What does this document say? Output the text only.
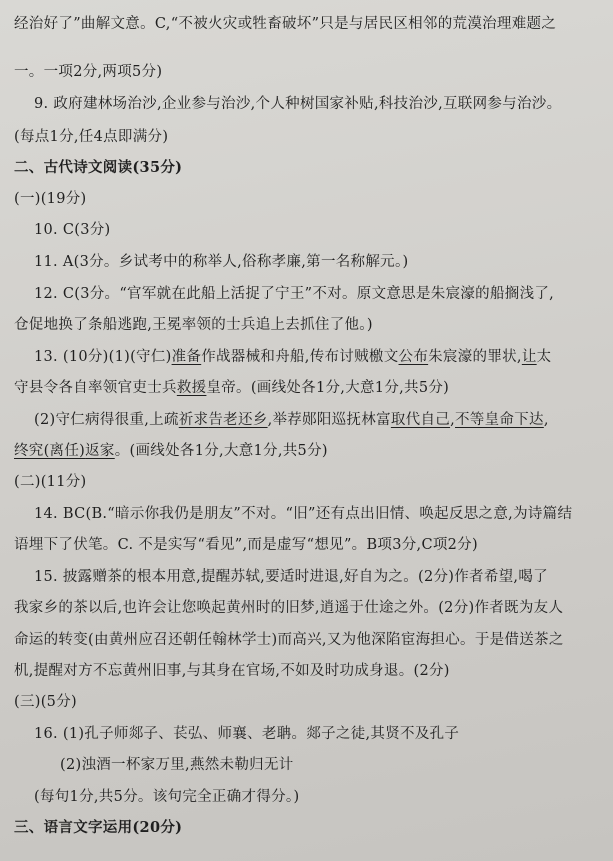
经治好了”曲解文意。C,“不被火灾或牲畜破坏”只是与居民区相邻的荒漠治理难题之
一。一项2分,两项5分)
9. 政府建林场治沙,企业参与治沙,个人种树国家补贴,科技治沙,互联网参与治沙。
(每点1分,任4点即满分)
二、古代诗文阅读(35分)
(一)(19分)
10. C(3分)
11. A(3分。乡试考中的称举人,俗称孝廉,第一名称解元。)
12. C(3分。“官军就在此船上活捉了宁王”不对。原文意思是朱宸濠的船搁浅了,
仓促地换了条船逃跑,王冕率领的士兵追上去抓住了他。)
13. (10分)(1)(守仁)准备作战器械和舟船,传布讨贼檄文公布朱宸濠的罪状,让太
守县令各自率领官吏士兵救援皇帝。(画线处各1分,大意1分,共5分)
(2)守仁病得很重,上疏祈求告老还乡,举荐郧阳巡抚林富取代自己,不等皇命下达,
终究(离任)返家。(画线处各1分,大意1分,共5分)
(二)(11分)
14. BC(B.“暗示你我仍是朋友”不对。“旧”还有点出旧情、唤起反思之意,为诗篇结
语埋下了伏笔。C. 不是实写“看见”,而是虚写“想见”。B项3分,C项2分)
15. 披露赠茶的根本用意,提醒苏轼,要适时进退,好自为之。(2分)作者希望,喝了
我家乡的茶以后,也许会让您唤起黄州时的旧梦,逍遥于仕途之外。(2分)作者既为友人
命运的转变(由黄州应召还朝任翰林学士)而高兴,又为他深陷宦海担心。于是借送茶之
机,提醒对方不忘黄州旧事,与其身在官场,不如及时功成身退。(2分)
(三)(5分)
16. (1)孔子师郯子、苌弘、师襄、老聃。郯子之徒,其贤不及孔子
(2)浊酒一杯家万里,燕然未勒归无计
(每句1分,共5分。该句完全正确才得分。)
三、语言文字运用(20分)
